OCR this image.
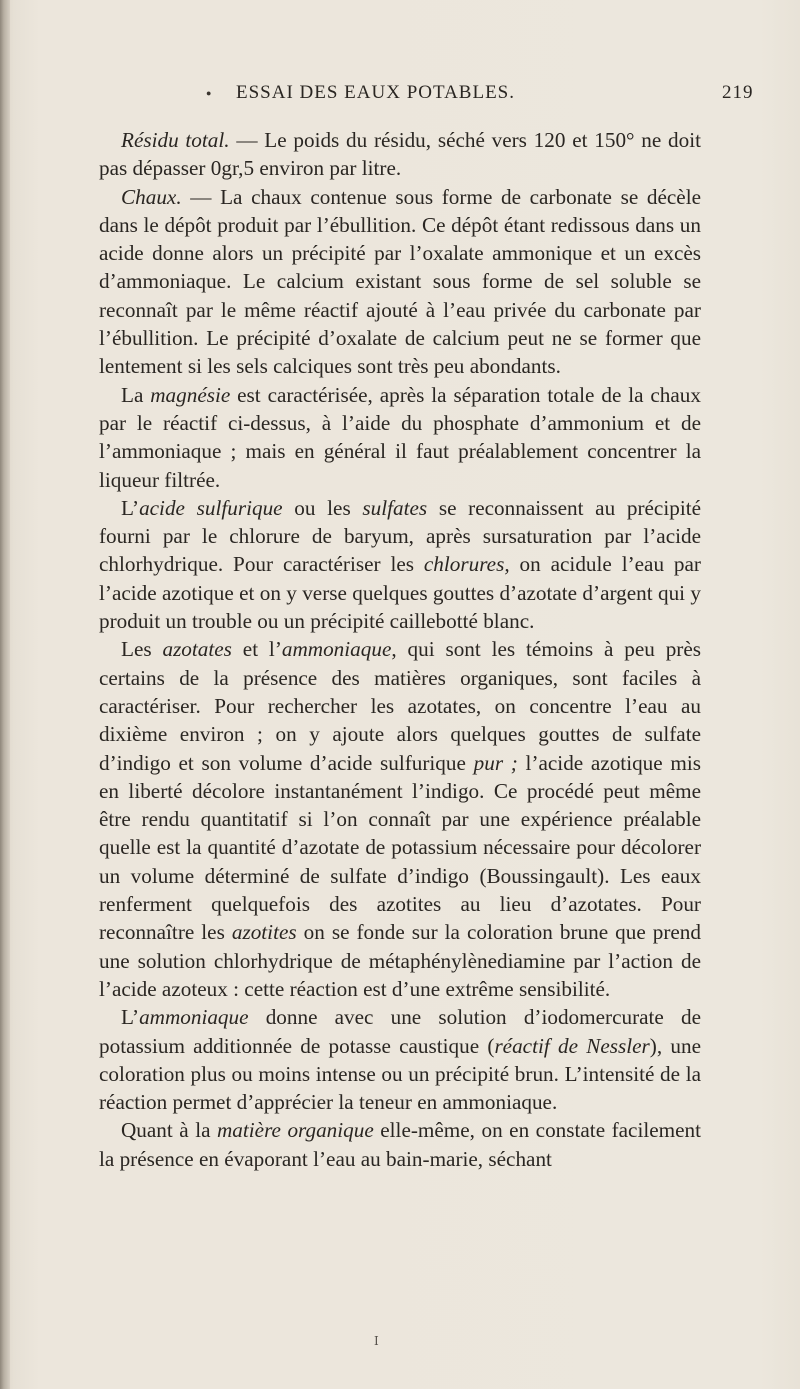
● ESSAI DES EAUX POTABLES.	219

Résidu total. — Le poids du résidu, séché vers 120 et 150° ne doit pas dépasser 0gr,5 environ par litre.

Chaux. — La chaux contenue sous forme de carbonate se décèle dans le dépôt produit par l’ébullition. Ce dépôt étant redissous dans un acide donne alors un précipité par l’oxalate ammonique et un excès d’ammoniaque. Le calcium existant sous forme de sel soluble se reconnaît par le même réactif ajouté à l’eau privée du carbonate par l’ébullition. Le précipité d’oxalate de calcium peut ne se former que lentement si les sels calciques sont très peu abondants.

La magnésie est caractérisée, après la séparation totale de la chaux par le réactif ci-dessus, à l’aide du phosphate d’ammonium et de l’ammoniaque ; mais en général il faut préalablement concentrer la liqueur filtrée.

L’acide sulfurique ou les sulfates se reconnaissent au précipité fourni par le chlorure de baryum, après sursaturation par l’acide chlorhydrique. Pour caractériser les chlorures, on acidule l’eau par l’acide azotique et on y verse quelques gouttes d’azotate d’argent qui y produit un trouble ou un précipité caillebotté blanc.

Les azotates et l’ammoniaque, qui sont les témoins à peu près certains de la présence des matières organiques, sont faciles à caractériser. Pour rechercher les azotates, on concentre l’eau au dixième environ ; on y ajoute alors quelques gouttes de sulfate d’indigo et son volume d’acide sulfurique pur ; l’acide azotique mis en liberté décolore instantanément l’indigo. Ce procédé peut même être rendu quantitatif si l’on connaît par une expérience préalable quelle est la quantité d’azotate de potassium nécessaire pour décolorer un volume déterminé de sulfate d’indigo (Boussingault). Les eaux renferment quelquefois des azotites au lieu d’azotates. Pour reconnaître les azotites on se fonde sur la coloration brune que prend une solution chlorhydrique de métaphénylènediamine par l’action de l’acide azoteux : cette réaction est d’une extrême sensibilité.

L’ammoniaque donne avec une solution d’iodomercurate de potassium additionnée de potasse caustique (réactif de Nessler), une coloration plus ou moins intense ou un précipité brun. L’intensité de la réaction permet d’apprécier la teneur en ammoniaque.

Quant à la matière organique elle-même, on en constate facilement la présence en évaporant l’eau au bain-marie, séchant

I
